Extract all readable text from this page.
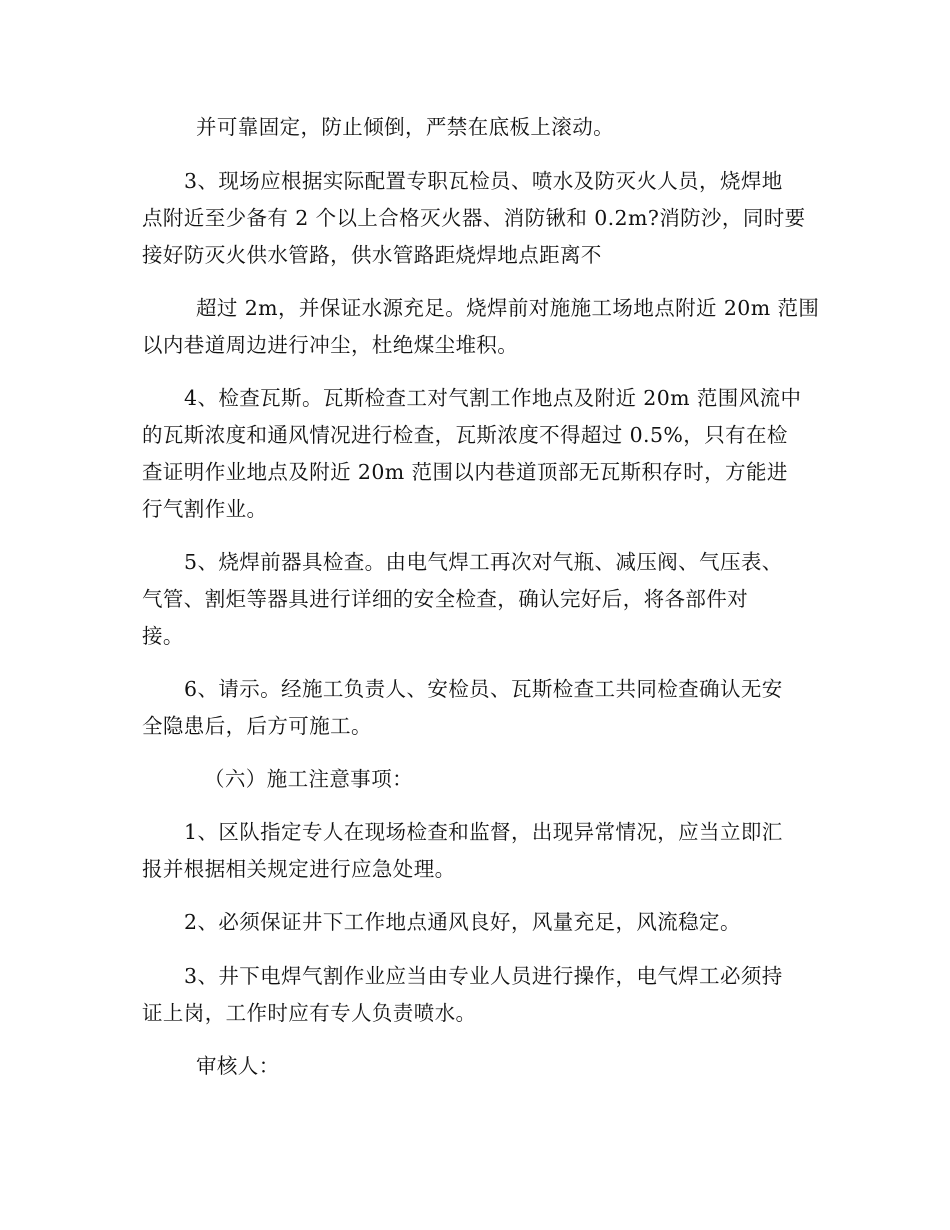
并可靠固定，防止倾倒，严禁在底板上滚动。
3、现场应根据实际配置专职瓦检员、喷水及防灭火人员，烧焊地
点附近至少备有 2 个以上合格灭火器、消防锹和 0.2m?消防沙，同时要
接好防灭火供水管路，供水管路距烧焊地点距离不
超过 2m，并保证水源充足。烧焊前对施施工场地点附近 20m 范围
以内巷道周边进行冲尘，杜绝煤尘堆积。
4、检查瓦斯。瓦斯检查工对气割工作地点及附近 20m 范围风流中
的瓦斯浓度和通风情况进行检查，瓦斯浓度不得超过 0.5%，只有在检
查证明作业地点及附近 20m 范围以内巷道顶部无瓦斯积存时，方能进
行气割作业。
5、烧焊前器具检查。由电气焊工再次对气瓶、减压阀、气压表、
气管、割炬等器具进行详细的安全检查，确认完好后，将各部件对
接。
6、请示。经施工负责人、安检员、瓦斯检查工共同检查确认无安
全隐患后，后方可施工。
（六）施工注意事项：
1、区队指定专人在现场检查和监督，出现异常情况，应当立即汇
报并根据相关规定进行应急处理。
2、必须保证井下工作地点通风良好，风量充足，风流稳定。
3、井下电焊气割作业应当由专业人员进行操作，电气焊工必须持
证上岗，工作时应有专人负责喷水。
审核人：
